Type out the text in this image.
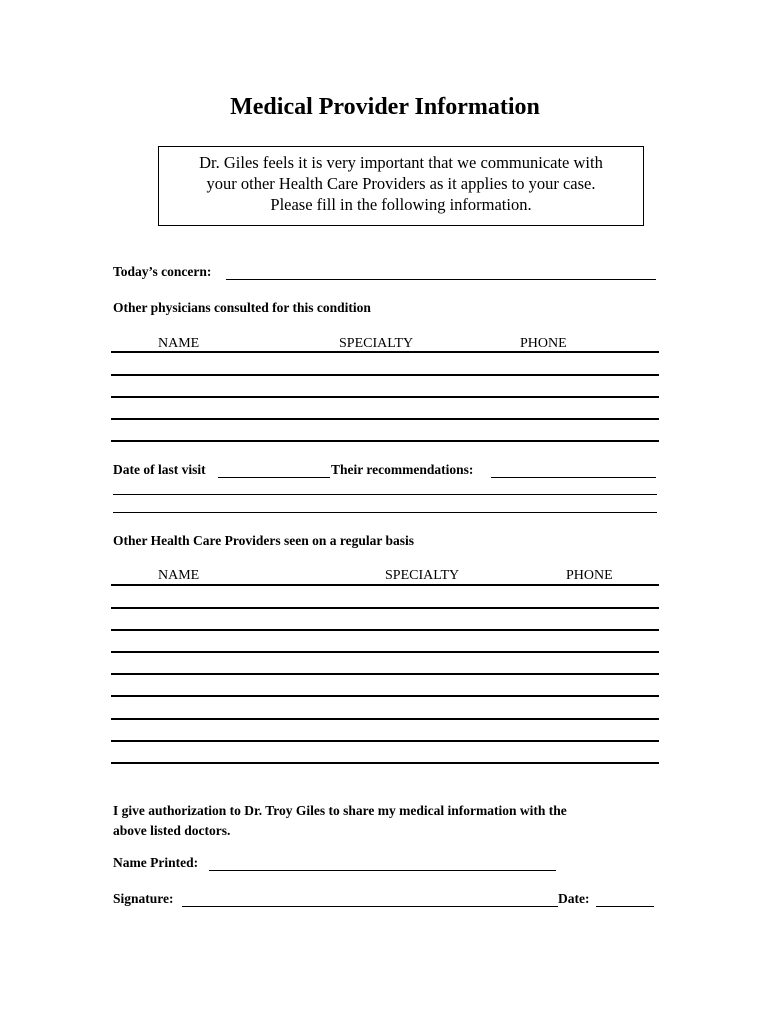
Medical Provider Information
Dr. Giles feels it is very important that we communicate with
your other Health Care Providers as it applies to your case.
Please fill in the following information.
Today’s concern:
Other physicians consulted for this condition
NAME	SPECIALTY	PHONE
Date of last visit	Their recommendations:
Other Health Care Providers seen on a regular basis
NAME	SPECIALTY	PHONE
I give authorization to Dr. Troy Giles to share my medical information with the
above listed doctors.
Name Printed:
Signature:	Date:
